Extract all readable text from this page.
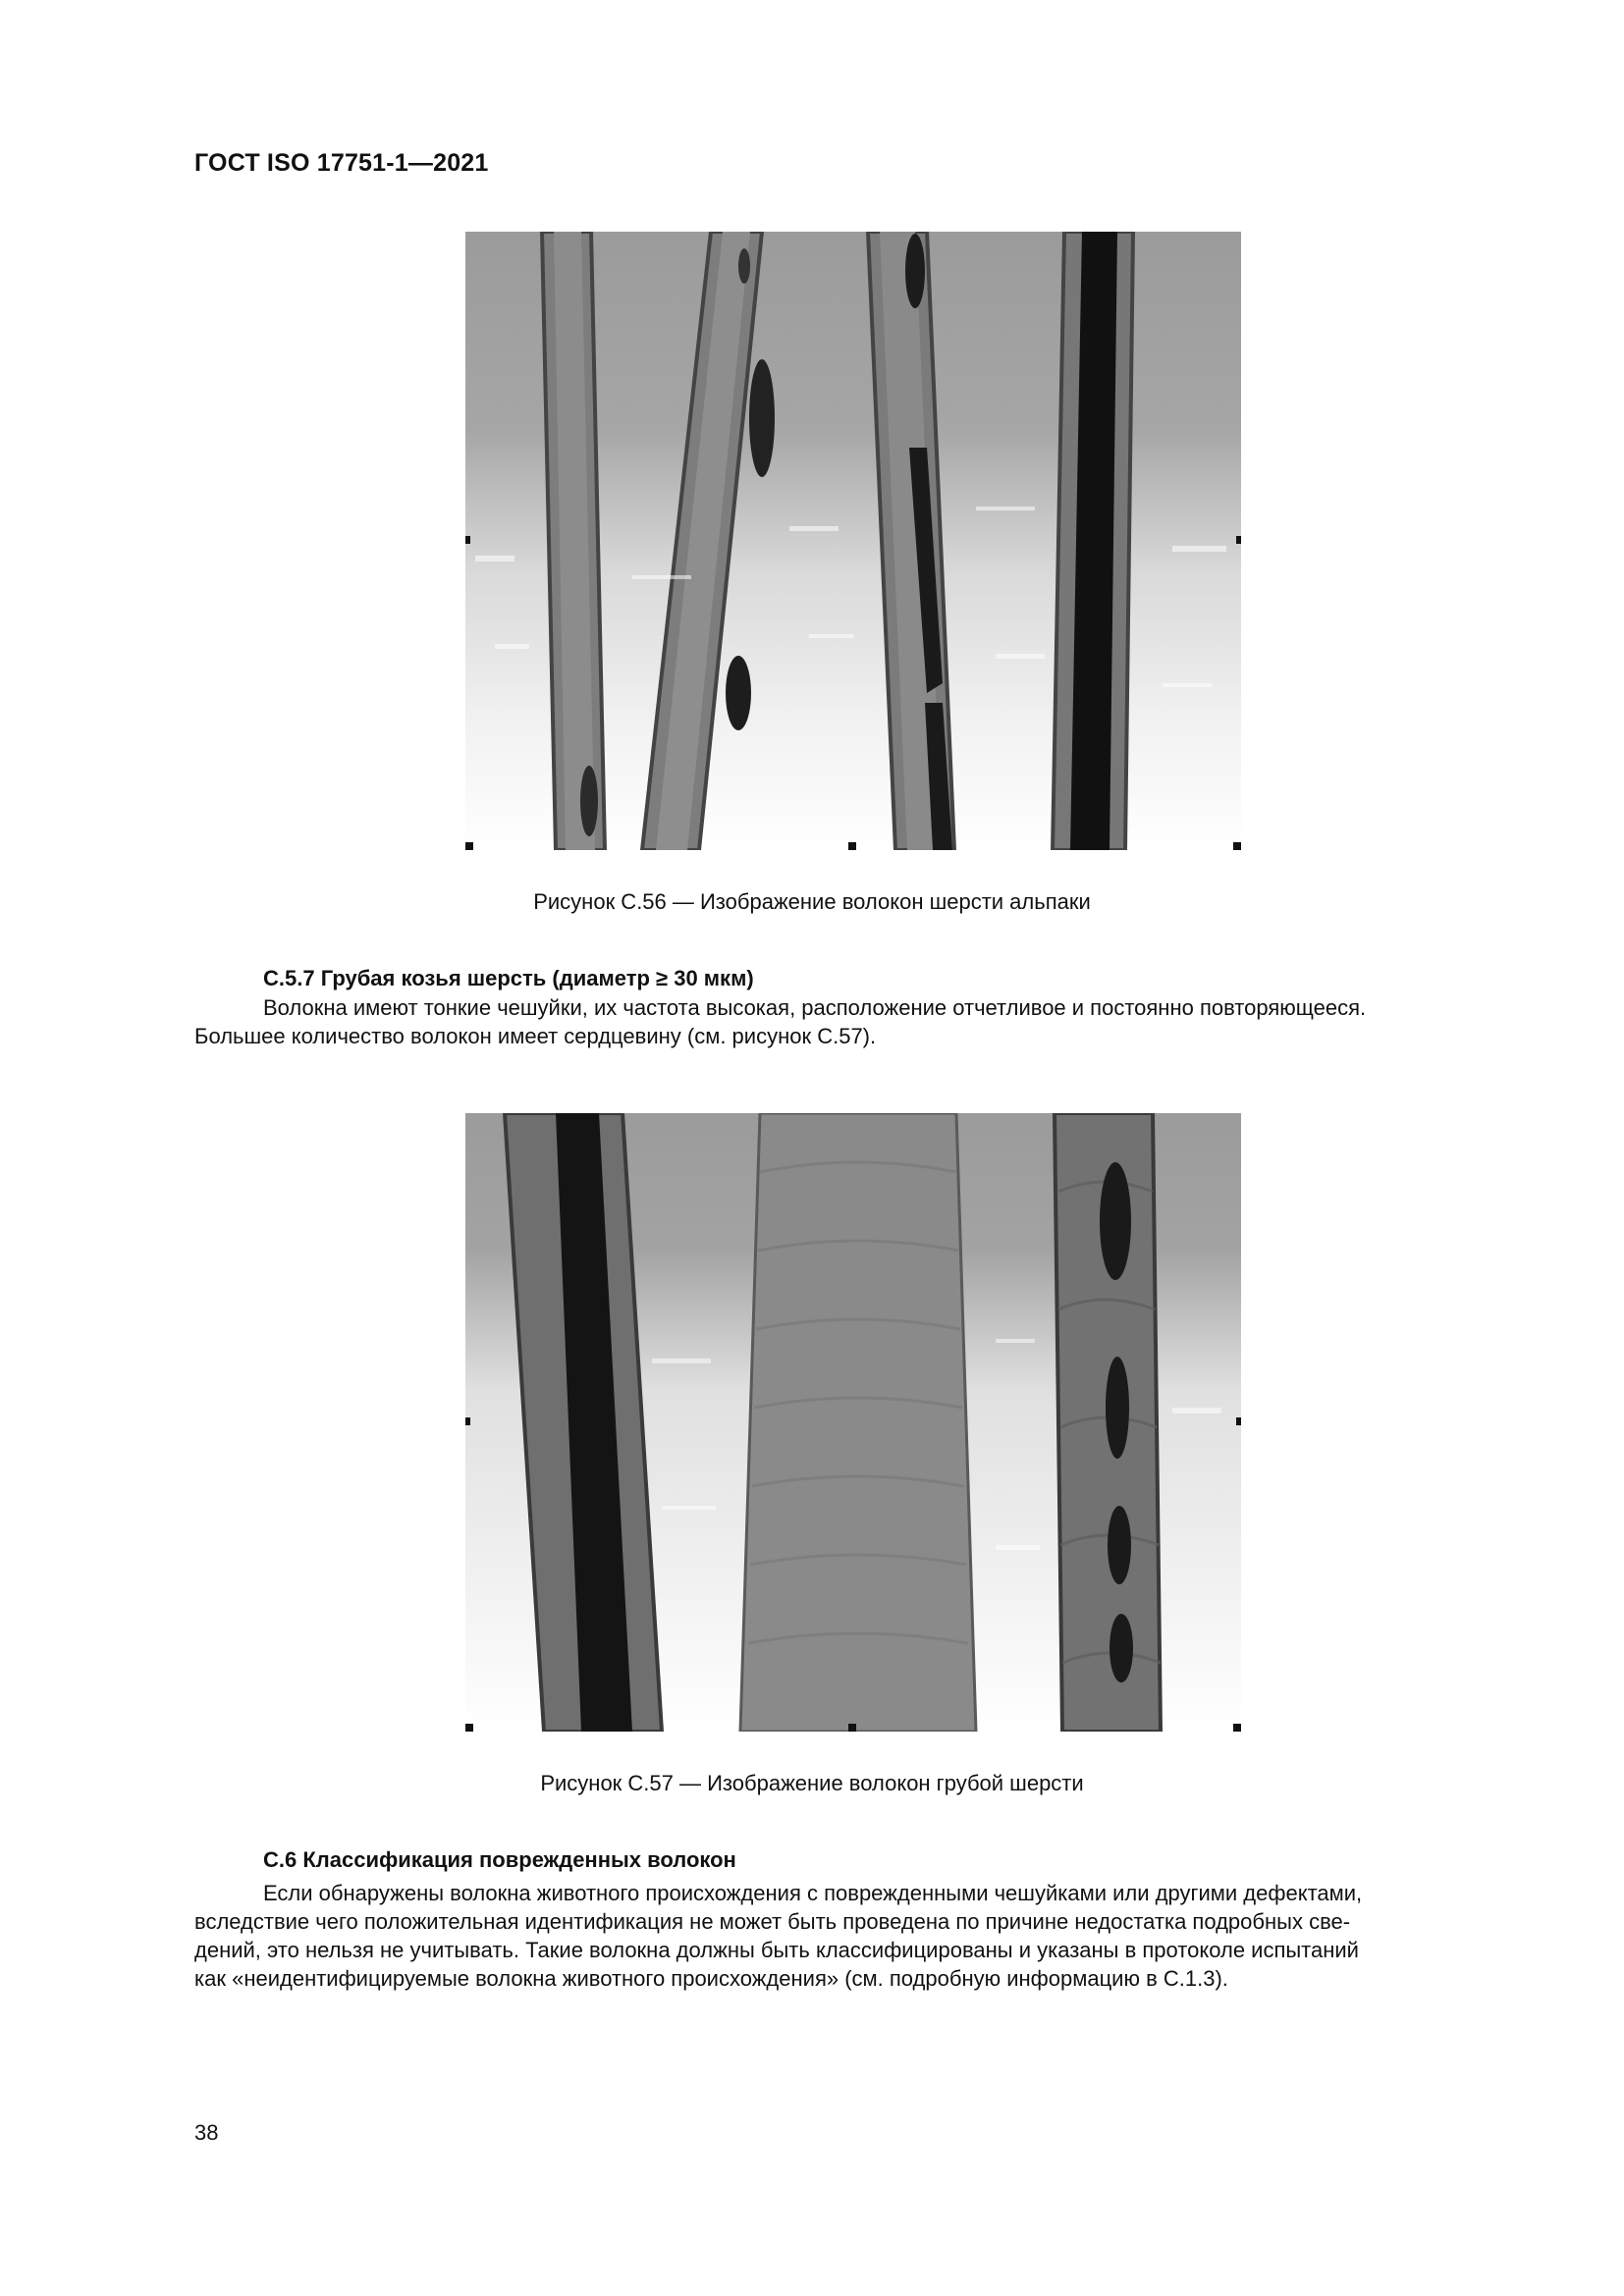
ГОСТ ISO 17751-1—2021
Рисунок С.56 — Изображение волокон шерсти альпаки
С.5.7 Грубая козья шерсть (диаметр ≥ 30 мкм)
Волокна имеют тонкие чешуйки, их частота высокая, расположение отчетливое и постоянно повторяющееся.
Большее количество волокон имеет сердцевину (см. рисунок С.57).
Рисунок С.57 — Изображение волокон грубой шерсти
С.6 Классификация поврежденных волокон
Если обнаружены волокна животного происхождения с поврежденными чешуйками или другими дефектами,
вследствие чего положительная идентификация не может быть проведена по причине недостатка подробных све-
дений, это нельзя не учитывать. Такие волокна должны быть классифицированы и указаны в протоколе испытаний
как «неидентифицируемые волокна животного происхождения» (см. подробную информацию в С.1.3).
38
